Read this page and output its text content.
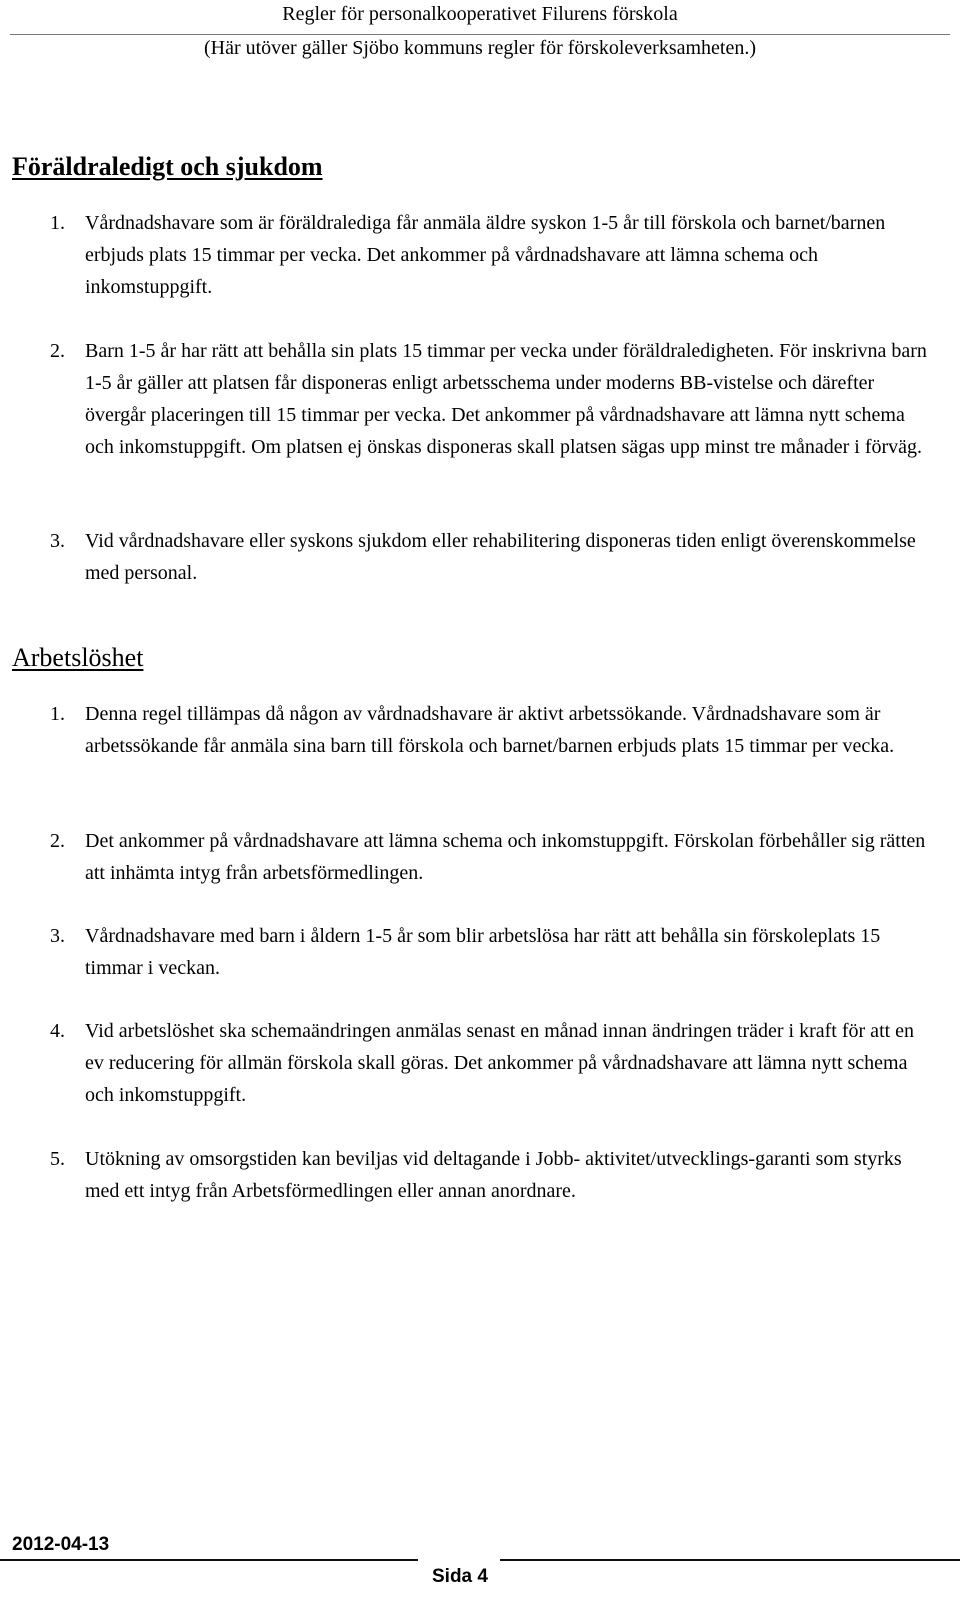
Regler för personalkooperativet Filurens förskola
(Här utöver gäller Sjöbo kommuns regler för förskoleverksamheten.)
Föräldraledigt och sjukdom
1. Vårdnadshavare som är föräldralediga får anmäla äldre syskon 1-5 år till förskola och barnet/barnen erbjuds plats 15 timmar per vecka. Det ankommer på vårdnadshavare att lämna schema och inkomstuppgift.
2. Barn 1-5 år har rätt att behålla sin plats 15 timmar per vecka under föräldraledigheten. För inskrivna barn 1-5 år gäller att platsen får disponeras enligt arbetsschema under moderns BB-vistelse och därefter övergår placeringen till 15 timmar per vecka. Det ankommer på vårdnadshavare att lämna nytt schema och inkomstuppgift. Om platsen ej önskas disponeras skall platsen sägas upp minst tre månader i förväg.
3. Vid vårdnadshavare eller syskons sjukdom eller rehabilitering disponeras tiden enligt överenskommelse med personal.
Arbetslöshet
1. Denna regel tillämpas då någon av vårdnadshavare är aktivt arbetssökande. Vårdnadshavare som är arbetssökande får anmäla sina barn till förskola och barnet/barnen erbjuds plats 15 timmar per vecka.
2. Det ankommer på vårdnadshavare att lämna schema och inkomstuppgift. Förskolan förbehåller sig rätten att inhämta intyg från arbetsförmedlingen.
3. Vårdnadshavare med barn i åldern 1-5 år som blir arbetslösa har rätt att behålla sin förskoleplats 15 timmar i veckan.
4. Vid arbetslöshet ska schemaändringen anmälas senast en månad innan ändringen träder i kraft för att en ev reducering för allmän förskola skall göras. Det ankommer på vårdnadshavare att lämna nytt schema och inkomstuppgift.
5. Utökning av omsorgstiden kan beviljas vid deltagande i Jobb- aktivitet/utvecklings-garanti som styrks med ett intyg från Arbetsförmedlingen eller annan anordnare.
2012-04-13
Sida 4
